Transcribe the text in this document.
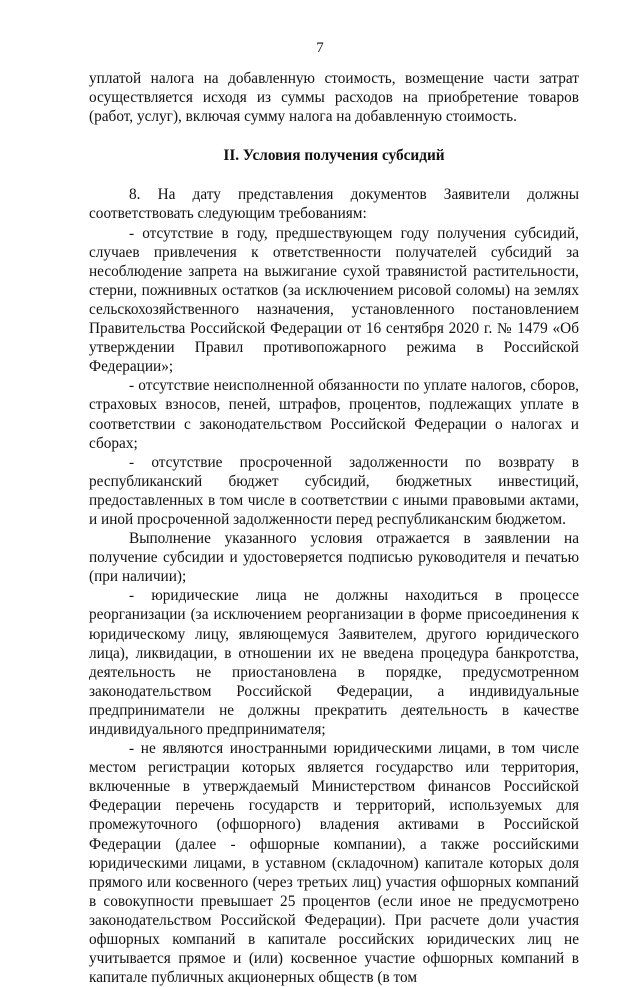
7

уплатой налога на добавленную стоимость, возмещение части затрат осуществляется исходя из суммы расходов на приобретение товаров (работ, услуг), включая сумму налога на добавленную стоимость.

II. Условия получения субсидий

8. На дату представления документов Заявители должны соответствовать следующим требованиям:

- отсутствие в году, предшествующем году получения субсидий, случаев привлечения к ответственности получателей субсидий за несоблюдение запрета на выжигание сухой травянистой растительности, стерни, пожнивных остатков (за исключением рисовой соломы) на землях сельскохозяйственного назначения, установленного постановлением Правительства Российской Федерации от 16 сентября 2020 г. № 1479 «Об утверждении Правил противопожарного режима в Российской Федерации»;

- отсутствие неисполненной обязанности по уплате налогов, сборов, страховых взносов, пеней, штрафов, процентов, подлежащих уплате в соответствии с законодательством Российской Федерации о налогах и сборах;

- отсутствие просроченной задолженности по возврату в республиканский бюджет субсидий, бюджетных инвестиций, предоставленных в том числе в соответствии с иными правовыми актами, и иной просроченной задолженности перед республиканским бюджетом.

Выполнение указанного условия отражается в заявлении на получение субсидии и удостоверяется подписью руководителя и печатью (при наличии);

- юридические лица не должны находиться в процессе реорганизации (за исключением реорганизации в форме присоединения к юридическому лицу, являющемуся Заявителем, другого юридического лица), ликвидации, в отношении их не введена процедура банкротства, деятельность не приостановлена в порядке, предусмотренном законодательством Российской Федерации, а индивидуальные предприниматели не должны прекратить деятельность в качестве индивидуального предпринимателя;

- не являются иностранными юридическими лицами, в том числе местом регистрации которых является государство или территория, включенные в утверждаемый Министерством финансов Российской Федерации перечень государств и территорий, используемых для промежуточного (офшорного) владения активами в Российской Федерации (далее - офшорные компании), а также российскими юридическими лицами, в уставном (складочном) капитале которых доля прямого или косвенного (через третьих лиц) участия офшорных компаний в совокупности превышает 25 процентов (если иное не предусмотрено законодательством Российской Федерации). При расчете доли участия офшорных компаний в капитале российских юридических лиц не учитывается прямое и (или) косвенное участие офшорных компаний в капитале публичных акционерных обществ (в том
